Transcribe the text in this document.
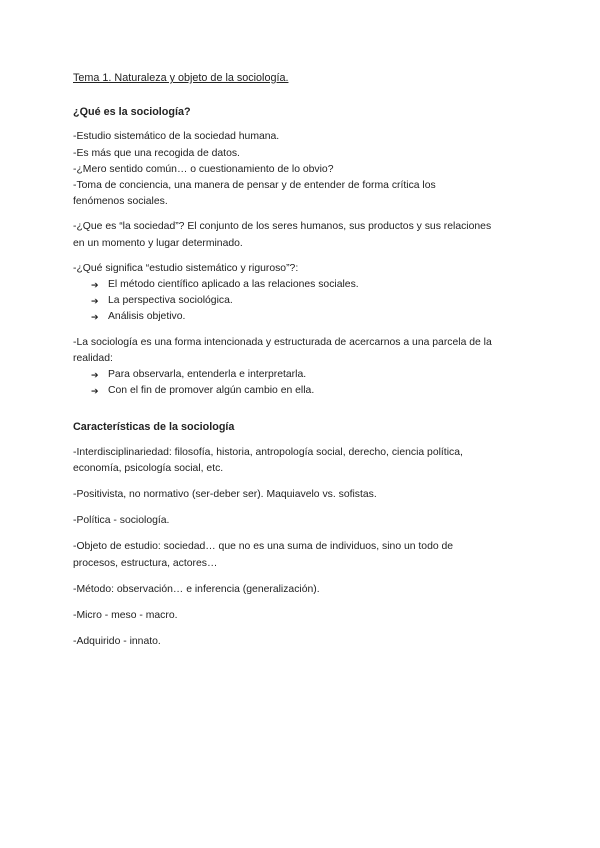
Tema 1. Naturaleza y objeto de la sociología.
¿Qué es la sociología?
-Estudio sistemático de la sociedad humana.
-Es más que una recogida de datos.
-¿Mero sentido común… o cuestionamiento de lo obvio?
-Toma de conciencia, una manera de pensar y de entender de forma crítica los
fenómenos sociales.
-¿Que es “la sociedad”? El conjunto de los seres humanos, sus productos y sus relaciones
en un momento y lugar determinado.
-¿Qué significa “estudio sistemático y riguroso”?:
➔ El método científico aplicado a las relaciones sociales.
➔ La perspectiva sociológica.
➔ Análisis objetivo.
-La sociología es una forma intencionada y estructurada de acercarnos a una parcela de la
realidad:
➔ Para observarla, entenderla e interpretarla.
➔ Con el fin de promover algún cambio en ella.
Características de la sociología
-Interdisciplinariedad: filosofía, historia, antropología social, derecho, ciencia política,
economía, psicología social, etc.
-Positivista, no normativo (ser-deber ser). Maquiavelo vs. sofistas.
-Política - sociología.
-Objeto de estudio: sociedad… que no es una suma de individuos, sino un todo de
procesos, estructura, actores…
-Método: observación… e inferencia (generalización).
-Micro - meso - macro.
-Adquirido - innato.
